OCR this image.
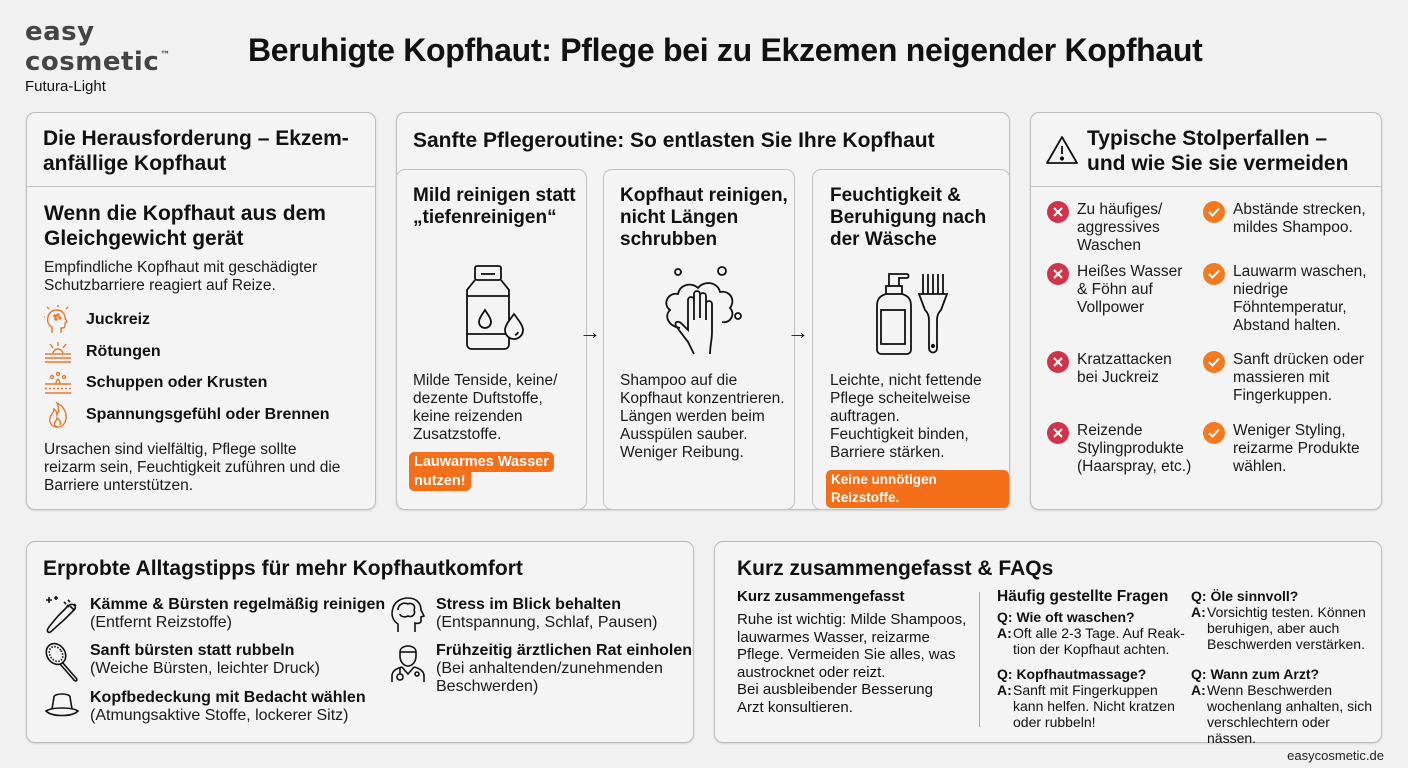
easy
cosmetic™
Futura-Light
Beruhigte Kopfhaut: Pflege bei zu Ekzemen neigender Kopfhaut
Die Herausforderung – Ekzem-
anfällige Kopfhaut
Wenn die Kopfhaut aus dem
Gleichgewicht gerät
Empfindliche Kopfhaut mit geschädigter
Schutzbarriere reagiert auf Reize.
Ursachen sind vielfältig, Pflege sollte
reizarm sein, Feuchtigkeit zuführen und die
Barriere unterstützen.
Juckreiz
Rötungen
Schuppen oder Krusten
Spannungsgefühl oder Brennen
Sanfte Pflegeroutine: So entlasten Sie Ihre Kopfhaut
Mild reinigen statt
„tiefenreinigen“
Milde Tenside, keine/
dezente Duftstoffe,
keine reizenden
Zusatzstoffe.
Lauwarmes Wasser
nutzen!
→
Kopfhaut reinigen,
nicht Längen
schrubben
Shampoo auf die
Kopfhaut konzentrieren.
Längen werden beim
Ausspülen sauber.
Weniger Reibung.
→
Feuchtigkeit &
Beruhigung nach
der Wäsche
Leichte, nicht fettende
Pflege scheitelweise
auftragen.
Feuchtigkeit binden,
Barriere stärken.
Keine unnötigen Reizstoffe.
Typische Stolperfallen –
und wie Sie sie vermeiden
Zu häufiges/
aggressives
Waschen
Abstände strecken,
mildes Shampoo.
Heißes Wasser
& Föhn auf
Vollpower
Lauwarm waschen,
niedrige
Föhntemperatur,
Abstand halten.
Kratzattacken
bei Juckreiz
Sanft drücken oder
massieren mit
Fingerkuppen.
Reizende
Stylingprodukte
(Haarspray, etc.)
Weniger Styling,
reizarme Produkte
wählen.
Erprobte Alltagstipps für mehr Kopfhautkomfort
Kämme & Bürsten regelmäßig reinigen
(Entfernt Reizstoffe)
Sanft bürsten statt rubbeln
(Weiche Bürsten, leichter Druck)
Kopfbedeckung mit Bedacht wählen
(Atmungsaktive Stoffe, lockerer Sitz)
Stress im Blick behalten
(Entspannung, Schlaf, Pausen)
Frühzeitig ärztlichen Rat einholen
(Bei anhaltenden/zunehmenden
Beschwerden)
Kurz zusammengefasst & FAQs
Kurz zusammengefasst
Ruhe ist wichtig: Milde Shampoos,
lauwarmes Wasser, reizarme
Pflege. Vermeiden Sie alles, was
austrocknet oder reizt.
Bei ausbleibender Besserung
Arzt konsultieren.
Häufig gestellte Fragen
Q: Wie oft waschen?
A: Oft alle 2-3 Tage. Auf Reak-
tion der Kopfhaut achten.
Q: Kopfhautmassage?
A: Sanft mit Fingerkuppen
kann helfen. Nicht kratzen
oder rubbeln!
Q: Öle sinnvoll?
A: Vorsichtig testen. Können
beruhigen, aber auch
Beschwerden verstärken.
Q: Wann zum Arzt?
A: Wenn Beschwerden
wochenlang anhalten, sich
verschlechtern oder nässen.
easycosmetic.de
